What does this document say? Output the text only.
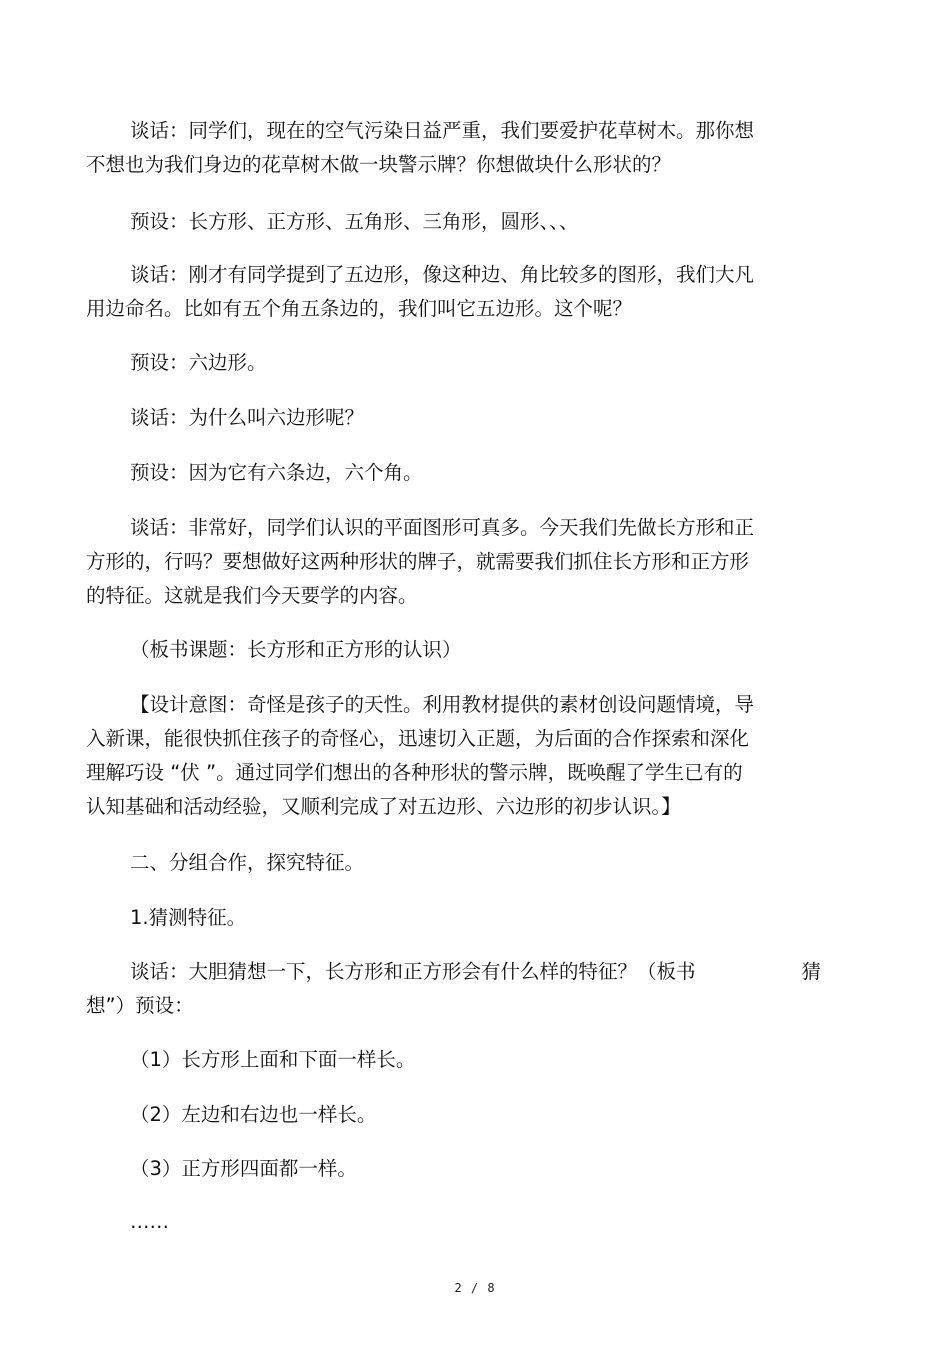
谈话：同学们，现在的空气污染日益严重，我们要爱护花草树木。那你想
不想也为我们身边的花草树木做一块警示牌？你想做块什么形状的？
预设：长方形、正方形、五角形、三角形，圆形、、、
谈话：刚才有同学提到了五边形，像这种边、角比较多的图形，我们大凡
用边命名。比如有五个角五条边的，我们叫它五边形。这个呢？
预设：六边形。
谈话：为什么叫六边形呢？
预设：因为它有六条边，六个角。
谈话：非常好，同学们认识的平面图形可真多。今天我们先做长方形和正
方形的，行吗？要想做好这两种形状的牌子，就需要我们抓住长方形和正方形
的特征。这就是我们今天要学的内容。
（板书课题：长方形和正方形的认识）
【设计意图：奇怪是孩子的天性。利用教材提供的素材创设问题情境，导
入新课，能很快抓住孩子的奇怪心，迅速切入正题，为后面的合作探索和深化
理解巧设 “伏 ”。通过同学们想出的各种形状的警示牌，既唤醒了学生已有的
认知基础和活动经验，又顺利完成了对五边形、六边形的初步认识。】
二、分组合作，探究特征。
1.猜测特征。
谈话：大胆猜想一下，长方形和正方形会有什么样的特征？（板书	猜
想”）预设：
（1）长方形上面和下面一样长。
（2）左边和右边也一样长。
（3）正方形四面都一样。
……
2 / 8
